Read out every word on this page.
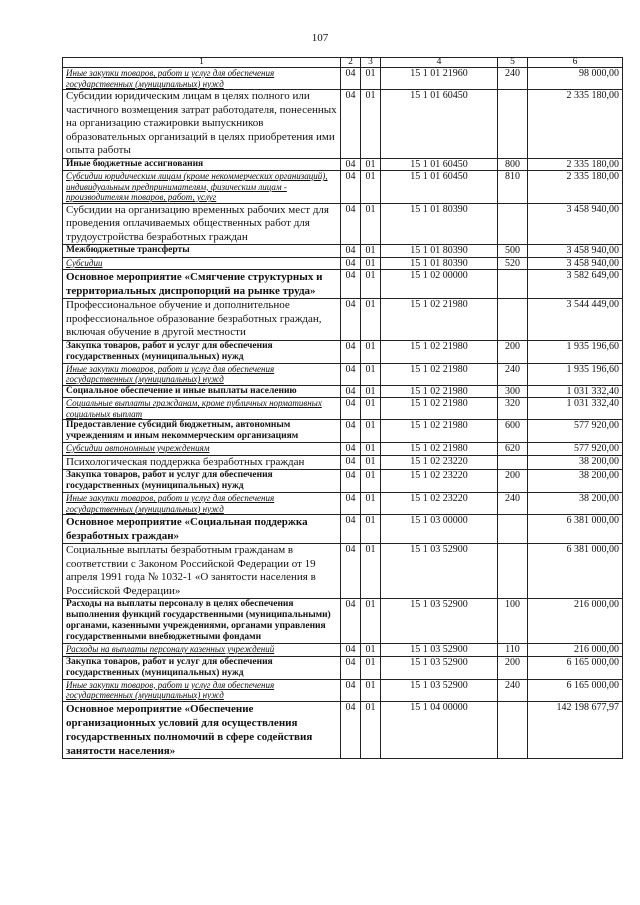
107
1	2	3	4	5	6
Иные закупки товаров, работ и услуг для обеспечения государственных (муниципальных) нужд	04	01	15 1 01 21960	240	98 000,00
Субсидии юридическим лицам в целях полного или частичного возмещения затрат работодателя, понесенных на организацию стажировки выпускников образовательных организаций в целях приобретения ими опыта работы	04	01	15 1 01 60450		2 335 180,00
Иные бюджетные ассигнования	04	01	15 1 01 60450	800	2 335 180,00
Субсидии юридическим лицам (кроме некоммерческих организаций), индивидуальным предпринимателям, физическим лицам - производителям товаров, работ, услуг	04	01	15 1 01 60450	810	2 335 180,00
Субсидии на организацию временных рабочих мест для проведения оплачиваемых общественных работ для трудоустройства безработных граждан	04	01	15 1 01 80390		3 458 940,00
Межбюджетные трансферты	04	01	15 1 01 80390	500	3 458 940,00
Субсидии	04	01	15 1 01 80390	520	3 458 940,00
Основное мероприятие «Смягчение структурных и территориальных диспропорций на рынке труда»	04	01	15 1 02 00000		3 582 649,00
Профессиональное обучение и дополнительное профессиональное образование безработных граждан, включая обучение в другой местности	04	01	15 1 02 21980		3 544 449,00
Закупка товаров, работ и услуг для обеспечения государственных (муниципальных) нужд	04	01	15 1 02 21980	200	1 935 196,60
Иные закупки товаров, работ и услуг для обеспечения государственных (муниципальных) нужд	04	01	15 1 02 21980	240	1 935 196,60
Социальное обеспечение и иные выплаты населению	04	01	15 1 02 21980	300	1 031 332,40
Социальные выплаты гражданам, кроме публичных нормативных социальных выплат	04	01	15 1 02 21980	320	1 031 332,40
Предоставление субсидий бюджетным, автономным учреждениям и иным некоммерческим организациям	04	01	15 1 02 21980	600	577 920,00
Субсидии автономным учреждениям	04	01	15 1 02 21980	620	577 920,00
Психологическая поддержка безработных граждан	04	01	15 1 02 23220		38 200,00
Закупка товаров, работ и услуг для обеспечения государственных (муниципальных) нужд	04	01	15 1 02 23220	200	38 200,00
Иные закупки товаров, работ и услуг для обеспечения государственных (муниципальных) нужд	04	01	15 1 02 23220	240	38 200,00
Основное мероприятие «Социальная поддержка безработных граждан»	04	01	15 1 03 00000		6 381 000,00
Социальные выплаты безработным гражданам в соответствии с Законом Российской Федерации от 19 апреля 1991 года № 1032-1 «О занятости населения в Российской Федерации»	04	01	15 1 03 52900		6 381 000,00
Расходы на выплаты персоналу в целях обеспечения выполнения функций государственными (муниципальными) органами, казенными учреждениями, органами управления государственными внебюджетными фондами	04	01	15 1 03 52900	100	216 000,00
Расходы на выплаты персоналу казенных учреждений	04	01	15 1 03 52900	110	216 000,00
Закупка товаров, работ и услуг для обеспечения государственных (муниципальных) нужд	04	01	15 1 03 52900	200	6 165 000,00
Иные закупки товаров, работ и услуг для обеспечения государственных (муниципальных) нужд	04	01	15 1 03 52900	240	6 165 000,00
Основное мероприятие «Обеспечение организационных условий для осуществления государственных полномочий в сфере содействия занятости населения»	04	01	15 1 04 00000		142 198 677,97
